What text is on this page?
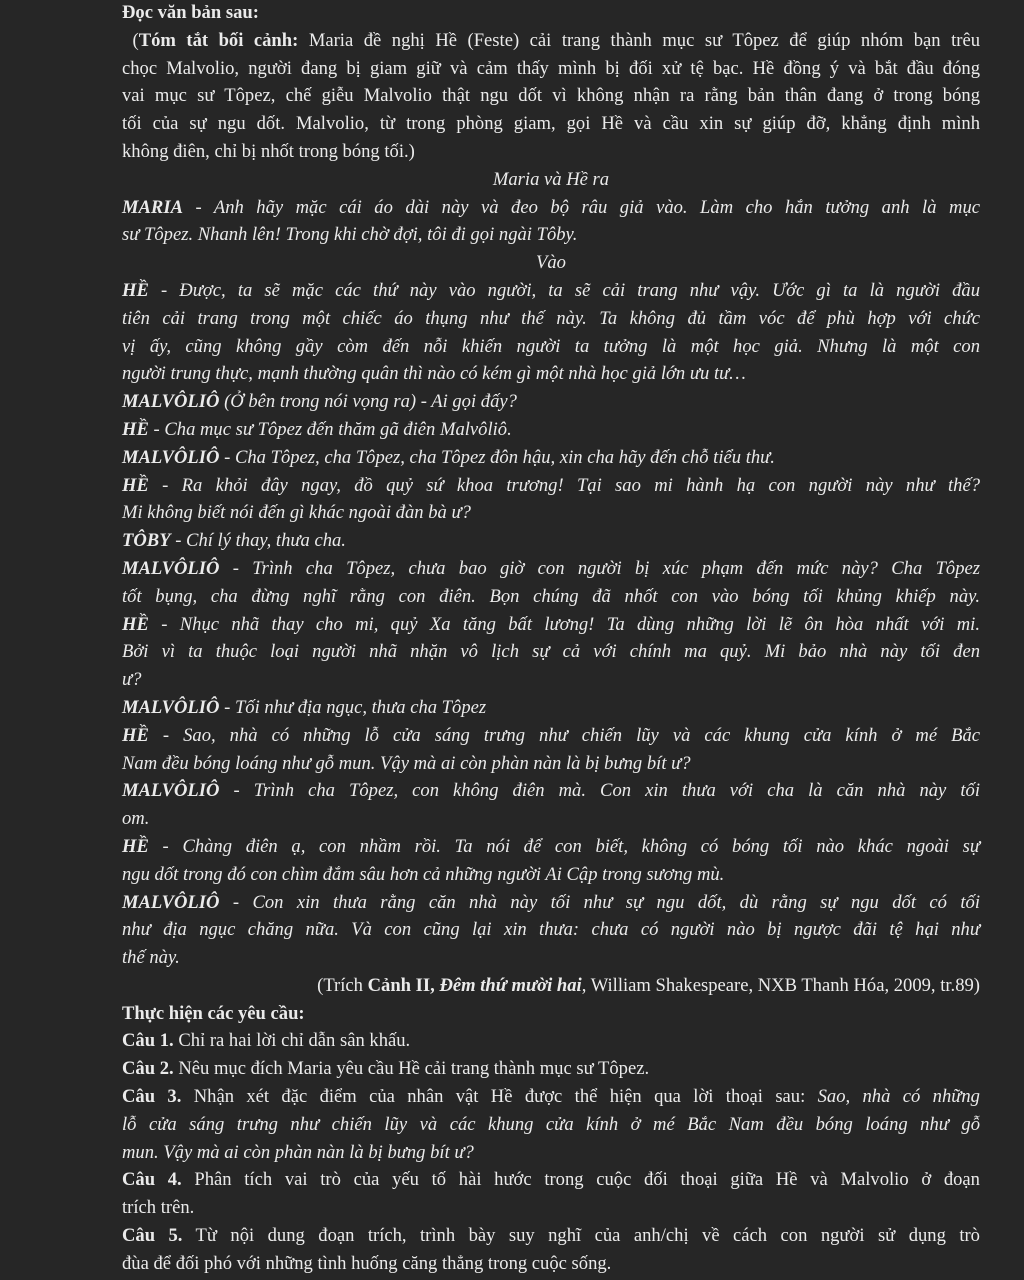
Đọc văn bản sau:
(Tóm tắt bối cảnh: Maria đề nghị Hề (Feste) cải trang thành mục sư Tôpez để giúp nhóm bạn trêu
chọc Malvolio, người đang bị giam giữ và cảm thấy mình bị đối xử tệ bạc. Hề đồng ý và bắt đầu đóng
vai mục sư Tôpez, chế giễu Malvolio thật ngu dốt vì không nhận ra rằng bản thân đang ở trong bóng
tối của sự ngu dốt. Malvolio, từ trong phòng giam, gọi Hề và cầu xin sự giúp đỡ, khẳng định mình
không điên, chỉ bị nhốt trong bóng tối.)
Maria và Hề ra
MARIA - Anh hãy mặc cái áo dài này và đeo bộ râu giả vào. Làm cho hắn tưởng anh là mục
sư Tôpez. Nhanh lên! Trong khi chờ đợi, tôi đi gọi ngài Tôby.
Vào
HỀ - Được, ta sẽ mặc các thứ này vào người, ta sẽ cải trang như vậy. Ước gì ta là người đầu
tiên cải trang trong một chiếc áo thụng như thế này. Ta không đủ tầm vóc để phù hợp với chức
vị ấy, cũng không gầy còm đến nỗi khiến người ta tưởng là một học giả. Nhưng là một con
người trung thực, mạnh thường quân thì nào có kém gì một nhà học giả lớn ưu tư…
MALVÔLIÔ (Ở bên trong nói vọng ra) - Ai gọi đấy?
HỀ - Cha mục sư Tôpez đến thăm gã điên Malvôliô.
MALVÔLIÔ - Cha Tôpez, cha Tôpez, cha Tôpez đôn hậu, xin cha hãy đến chỗ tiểu thư.
HỀ - Ra khỏi đây ngay, đồ quỷ sứ khoa trương! Tại sao mi hành hạ con người này như thế?
Mi không biết nói đến gì khác ngoài đàn bà ư?
TÔBY - Chí lý thay, thưa cha.
MALVÔLIÔ - Trình cha Tôpez, chưa bao giờ con người bị xúc phạm đến mức này? Cha Tôpez
tốt bụng, cha đừng nghĩ rằng con điên. Bọn chúng đã nhốt con vào bóng tối khủng khiếp này.
HỀ - Nhục nhã thay cho mi, quỷ Xa tăng bất lương! Ta dùng những lời lẽ ôn hòa nhất với mi.
Bởi vì ta thuộc loại người nhã nhặn vô lịch sự cả với chính ma quỷ. Mi bảo nhà này tối đen
ư?
MALVÔLIÔ - Tối như địa ngục, thưa cha Tôpez
HỀ - Sao, nhà có những lỗ cửa sáng trưng như chiến lũy và các khung cửa kính ở mé Bắc
Nam đều bóng loáng như gỗ mun. Vậy mà ai còn phàn nàn là bị bưng bít ư?
MALVÔLIÔ - Trình cha Tôpez, con không điên mà. Con xin thưa với cha là căn nhà này tối
om.
HỀ - Chàng điên ạ, con nhầm rồi. Ta nói để con biết, không có bóng tối nào khác ngoài sự
ngu dốt trong đó con chìm đắm sâu hơn cả những người Ai Cập trong sương mù.
MALVÔLIÔ - Con xin thưa rằng căn nhà này tối như sự ngu dốt, dù rằng sự ngu dốt có tối
như địa ngục chăng nữa. Và con cũng lại xin thưa: chưa có người nào bị ngược đãi tệ hại như
thế này.
(Trích Cảnh II, Đêm thứ mười hai, William Shakespeare, NXB Thanh Hóa, 2009, tr.89)
Thực hiện các yêu cầu:
Câu 1. Chỉ ra hai lời chỉ dẫn sân khấu.
Câu 2. Nêu mục đích Maria yêu cầu Hề cải trang thành mục sư Tôpez.
Câu 3. Nhận xét đặc điểm của nhân vật Hề được thể hiện qua lời thoại sau: Sao, nhà có những
lỗ cửa sáng trưng như chiến lũy và các khung cửa kính ở mé Bắc Nam đều bóng loáng như gỗ
mun. Vậy mà ai còn phàn nàn là bị bưng bít ư?
Câu 4. Phân tích vai trò của yếu tố hài hước trong cuộc đối thoại giữa Hề và Malvolio ở đoạn
trích trên.
Câu 5. Từ nội dung đoạn trích, trình bày suy nghĩ của anh/chị về cách con người sử dụng trò
đùa để đối phó với những tình huống căng thẳng trong cuộc sống.
